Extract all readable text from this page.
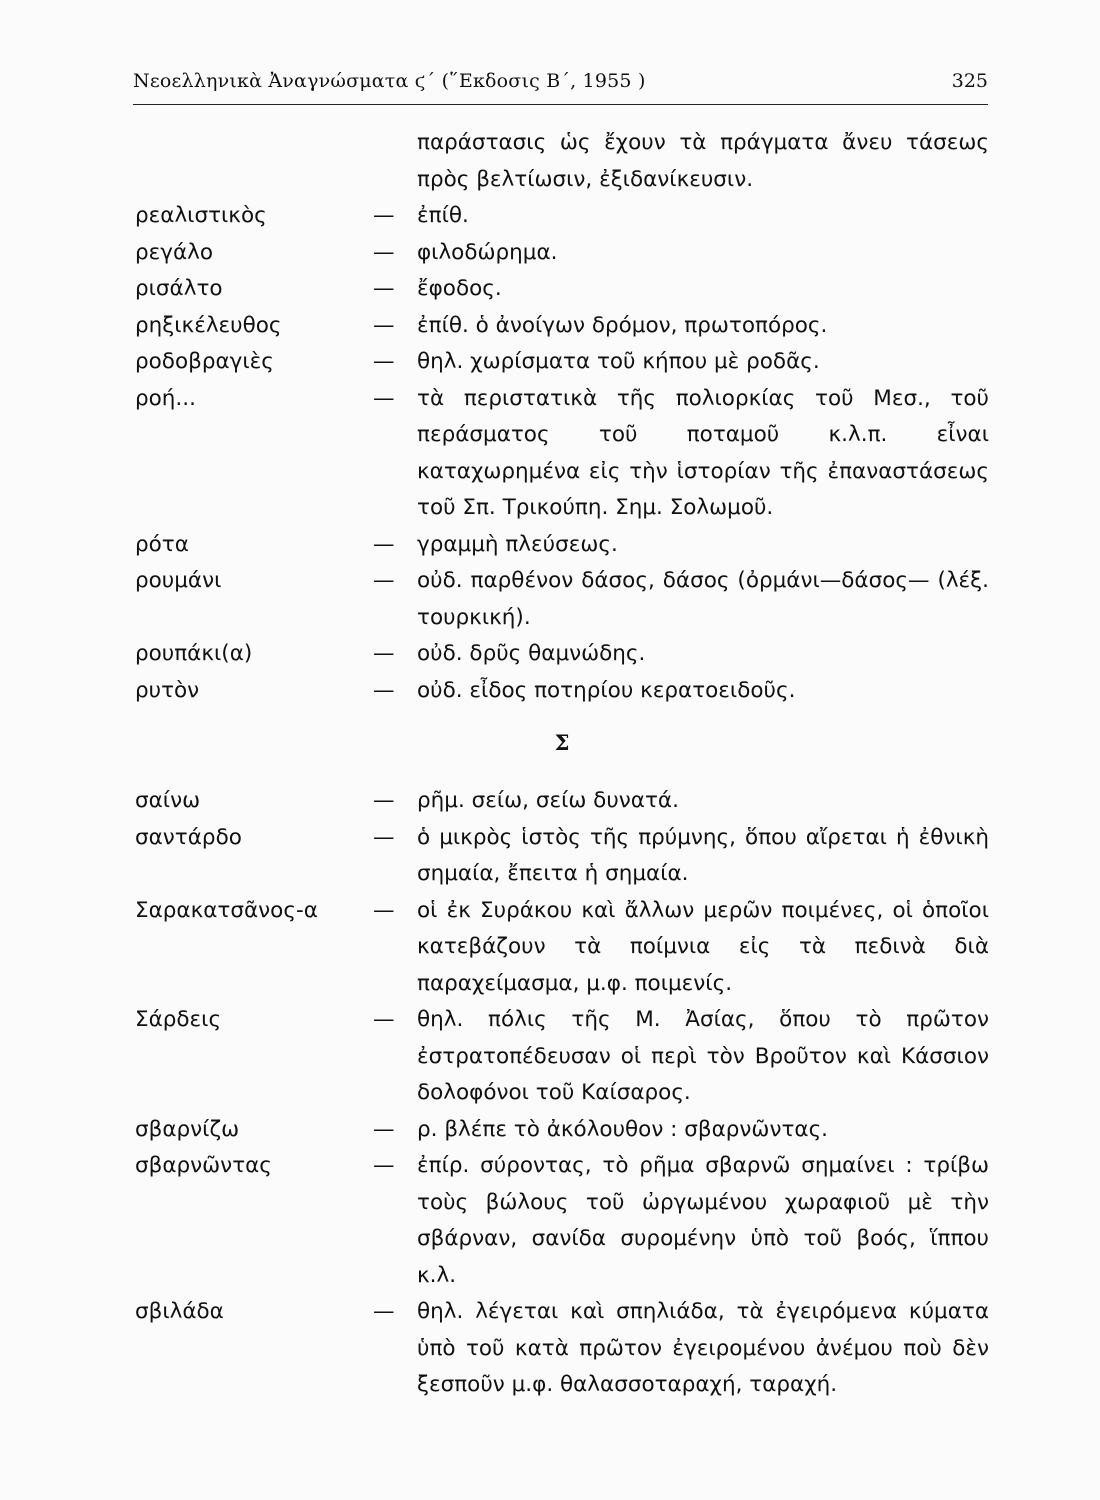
Νεοελληνικὰ Ἀναγνώσματα ϛ´ (῞Εκδοσις Β΄, 1955 )	325
παράστασις ὡς ἔχουν τὰ πράγματα ἄνευ τάσεως πρὸς βελτίωσιν, ἐξιδανίκευσιν.
ρεαλιστικὸς	— ἐπίθ.
ρεγάλο	— φιλοδώρημα.
ρισάλτο	— ἔφοδος.
ρηξικέλευθος	— ἐπίθ. ὁ ἀνοίγων δρόμον, πρωτοπόρος.
ροδοβραγιὲς	— θηλ. χωρίσματα τοῦ κήπου μὲ ροδᾶς.
ροή...	— τὰ περιστατικὰ τῆς πολιορκίας τοῦ Μεσ., τοῦ περάσματος τοῦ ποταμοῦ κ.λ.π. εἶναι καταχωρημένα εἰς τὴν ἱστορίαν τῆς ἐπαναστάσεως τοῦ Σπ. Τρικούπη. Σημ. Σολωμοῦ.
ρότα	— γραμμὴ πλεύσεως.
ρουμάνι	— οὐδ. παρθένον δάσος, δάσος (ὀρμάνι—δάσος— (λέξ. τουρκική).
ρουπάκι(α)	— οὐδ. δρῦς θαμνώδης.
ρυτὸν	— οὐδ. εἶδος ποτηρίου κερατοειδοῦς.
Σ
σαίνω	— ρῆμ. σείω, σείω δυνατά.
σαντάρδο	— ὁ μικρὸς ἱστὸς τῆς πρύμνης, ὅπου αἴρεται ἡ ἐθνικὴ σημαία, ἔπειτα ἡ σημαία.
Σαρακατσᾶνος-α	— οἱ ἐκ Συράκου καὶ ἄλλων μερῶν ποιμένες, οἱ ὁποῖοι κατεβάζουν τὰ ποίμνια εἰς τὰ πεδινὰ διὰ παραχείμασμα, μ.φ. ποιμενίς.
Σάρδεις	— θηλ. πόλις τῆς Μ. Ἀσίας, ὅπου τὸ πρῶτον ἐστρατοπέδευσαν οἱ περὶ τὸν Βροῦτον καὶ Κάσσιον δολοφόνοι τοῦ Καίσαρος.
σβαρνίζω	— ρ. βλέπε τὸ ἀκόλουθον : σβαρνῶντας.
σβαρνῶντας	— ἐπίρ. σύροντας, τὸ ρῆμα σβαρνῶ σημαίνει : τρίβω τοὺς βώλους τοῦ ὠργωμένου χωραφιοῦ μὲ τὴν σβάρναν, σανίδα συρομένην ὑπὸ τοῦ βοός, ἵππου κ.λ.
σβιλάδα	— θηλ. λέγεται καὶ σπηλιάδα, τὰ ἐγειρόμενα κύματα ὑπὸ τοῦ κατὰ πρῶτον ἐγειρομένου ἀνέμου ποὺ δὲν ξεσποῦν μ.φ. θαλασσοταραχή, ταραχή.
